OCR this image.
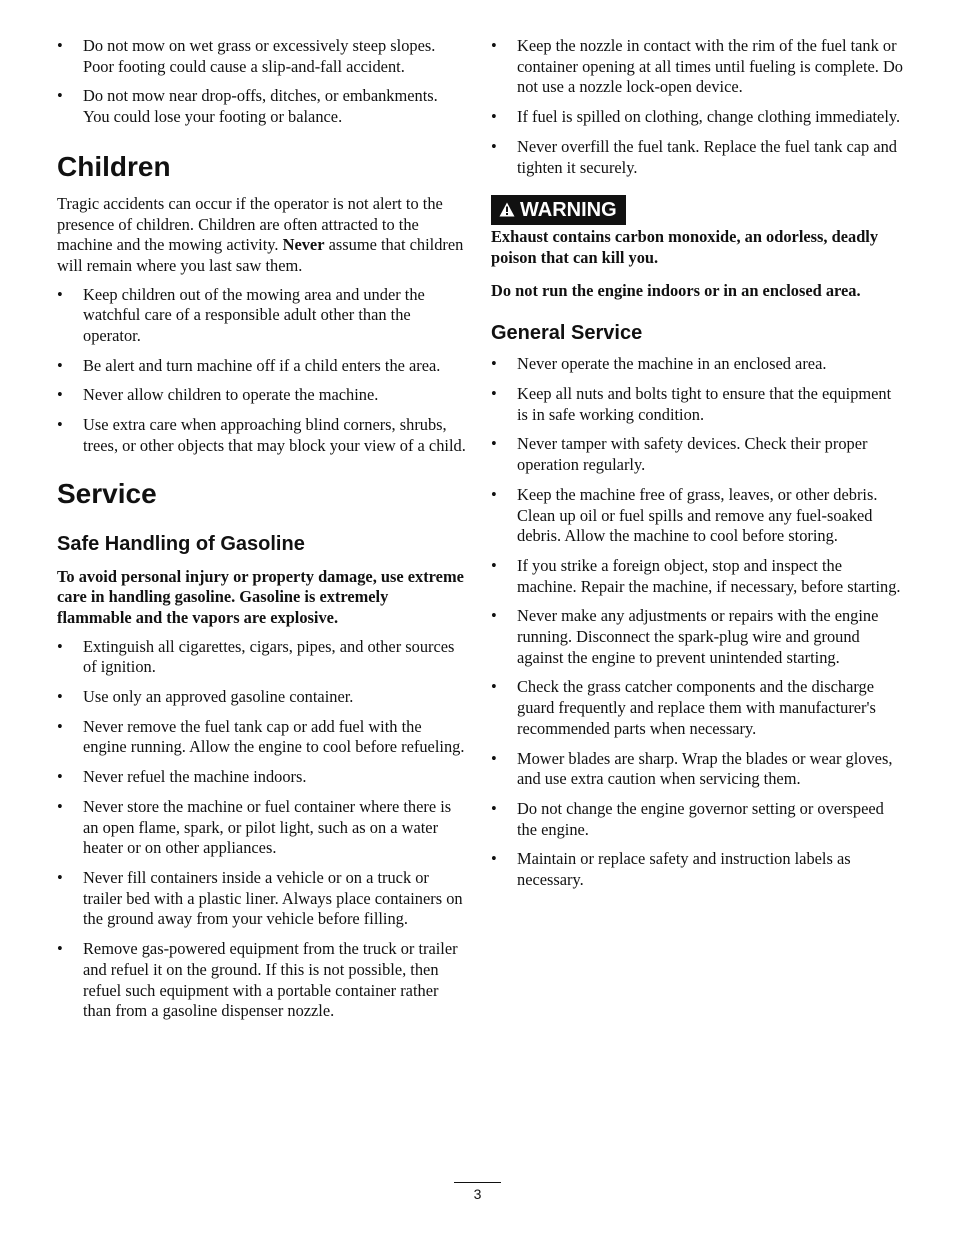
•	Do not mow on wet grass or excessively steep slopes. Poor footing could cause a slip-and-fall accident.
•	Do not mow near drop-offs, ditches, or embankments. You could lose your footing or balance.
Children

Tragic accidents can occur if the operator is not alert to the presence of children. Children are often attracted to the machine and the mowing activity. Never assume that children will remain where you last saw them.

•	Keep children out of the mowing area and under the watchful care of a responsible adult other than the operator.
•	Be alert and turn machine off if a child enters the area.
•	Never allow children to operate the machine.
•	Use extra care when approaching blind corners, shrubs, trees, or other objects that may block your view of a child.
Service
Safe Handling of Gasoline

To avoid personal injury or property damage, use extreme care in handling gasoline. Gasoline is extremely flammable and the vapors are explosive.

•	Extinguish all cigarettes, cigars, pipes, and other sources of ignition.
•	Use only an approved gasoline container.
•	Never remove the fuel tank cap or add fuel with the engine running. Allow the engine to cool before refueling.
•	Never refuel the machine indoors.
•	Never store the machine or fuel container where there is an open flame, spark, or pilot light, such as on a water heater or on other appliances.
•	Never fill containers inside a vehicle or on a truck or trailer bed with a plastic liner. Always place containers on the ground away from your vehicle before filling.
•	Remove gas-powered equipment from the truck or trailer and refuel it on the ground. If this is not possible, then refuel such equipment with a portable container rather than from a gasoline dispenser nozzle.
•	Keep the nozzle in contact with the rim of the fuel tank or container opening at all times until fueling is complete. Do not use a nozzle lock-open device.
•	If fuel is spilled on clothing, change clothing immediately.
•	Never overfill the fuel tank. Replace the fuel tank cap and tighten it securely.
WARNING

Exhaust contains carbon monoxide, an odorless, deadly poison that can kill you.

Do not run the engine indoors or in an enclosed area.

General Service
•	Never operate the machine in an enclosed area.
•	Keep all nuts and bolts tight to ensure that the equipment is in safe working condition.
•	Never tamper with safety devices. Check their proper operation regularly.
•	Keep the machine free of grass, leaves, or other debris. Clean up oil or fuel spills and remove any fuel-soaked debris. Allow the machine to cool before storing.
•	If you strike a foreign object, stop and inspect the machine. Repair the machine, if necessary, before starting.
•	Never make any adjustments or repairs with the engine running. Disconnect the spark-plug wire and ground against the engine to prevent unintended starting.
•	Check the grass catcher components and the discharge guard frequently and replace them with manufacturer's recommended parts when necessary.
•	Mower blades are sharp. Wrap the blades or wear gloves, and use extra caution when servicing them.
•	Do not change the engine governor setting or overspeed the engine.
•	Maintain or replace safety and instruction labels as necessary.
3
